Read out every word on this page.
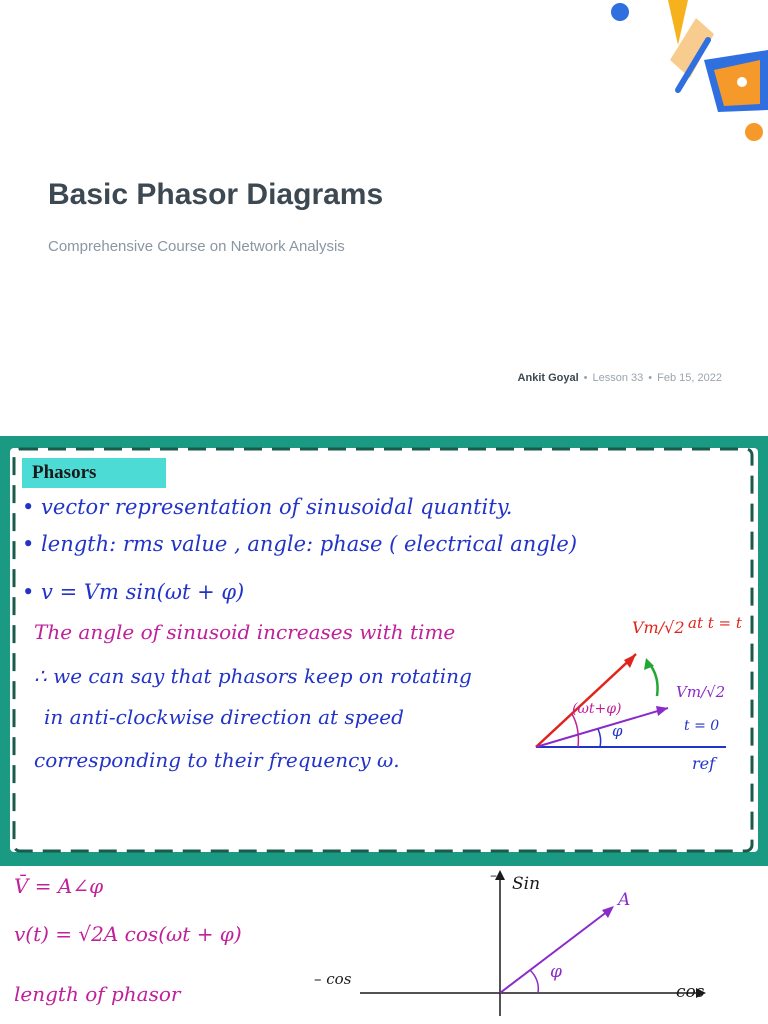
Basic Phasor Diagrams
Comprehensive Course on Network Analysis
Ankit Goyal • Lesson 33 • Feb 15, 2022
Phasors
• vector representation of sinusoidal quantity.
• length: rms value , angle: phase ( electrical angle)
• v = Vm sin(ωt + φ)
The angle of sinusoid increases with time
∴ we can say that phasors keep on rotating
in anti-clockwise direction at speed
corresponding to their frequency ω.
Vm/√2 at t = t
Vm/√2
t = 0
(ωt+φ)
φ
ref
V̄ = A∠φ
v(t) = √2A cos(ωt + φ)
length of phasor
Sin
–
cos
– cos
A
φ
